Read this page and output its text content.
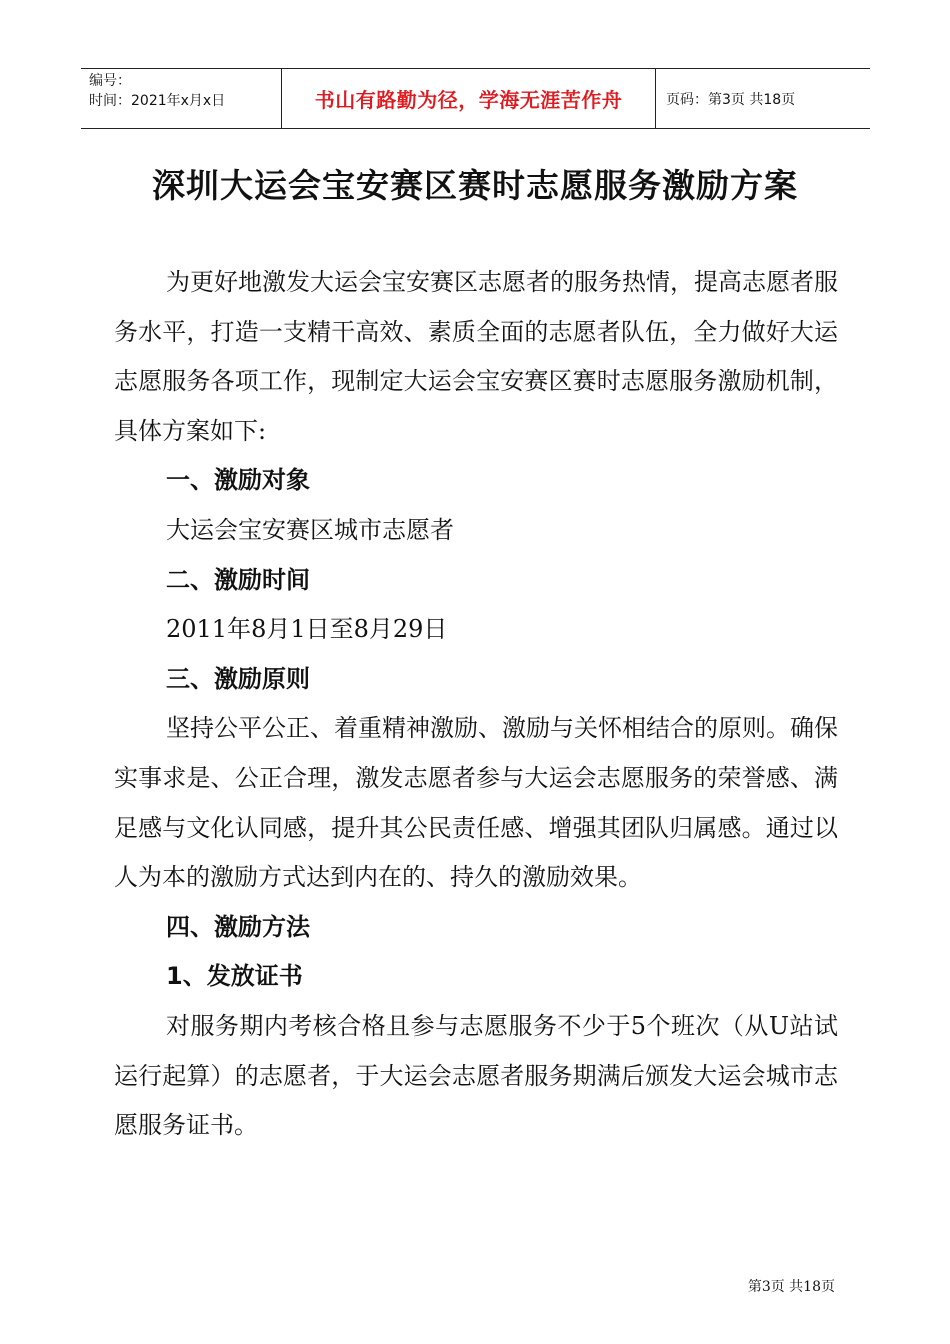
编号：
时间：2021年x月x日	书山有路勤为径，学海无涯苦作舟	页码：第3页 共18页
深圳大运会宝安赛区赛时志愿服务激励方案

为更好地激发大运会宝安赛区志愿者的服务热情，提高志愿者服务水平，打造一支精干高效、素质全面的志愿者队伍，全力做好大运志愿服务各项工作，现制定大运会宝安赛区赛时志愿服务激励机制，具体方案如下:

一、激励对象

大运会宝安赛区城市志愿者

二、激励时间

2011年8月1日至8月29日

三、激励原则

坚持公平公正、着重精神激励、激励与关怀相结合的原则。确保实事求是、公正合理，激发志愿者参与大运会志愿服务的荣誉感、满足感与文化认同感，提升其公民责任感、增强其团队归属感。通过以人为本的激励方式达到内在的、持久的激励效果。

四、激励方法

1、发放证书

对服务期内考核合格且参与志愿服务不少于5个班次（从U站试运行起算）的志愿者，于大运会志愿者服务期满后颁发大运会城市志愿服务证书。

第3页 共18页
